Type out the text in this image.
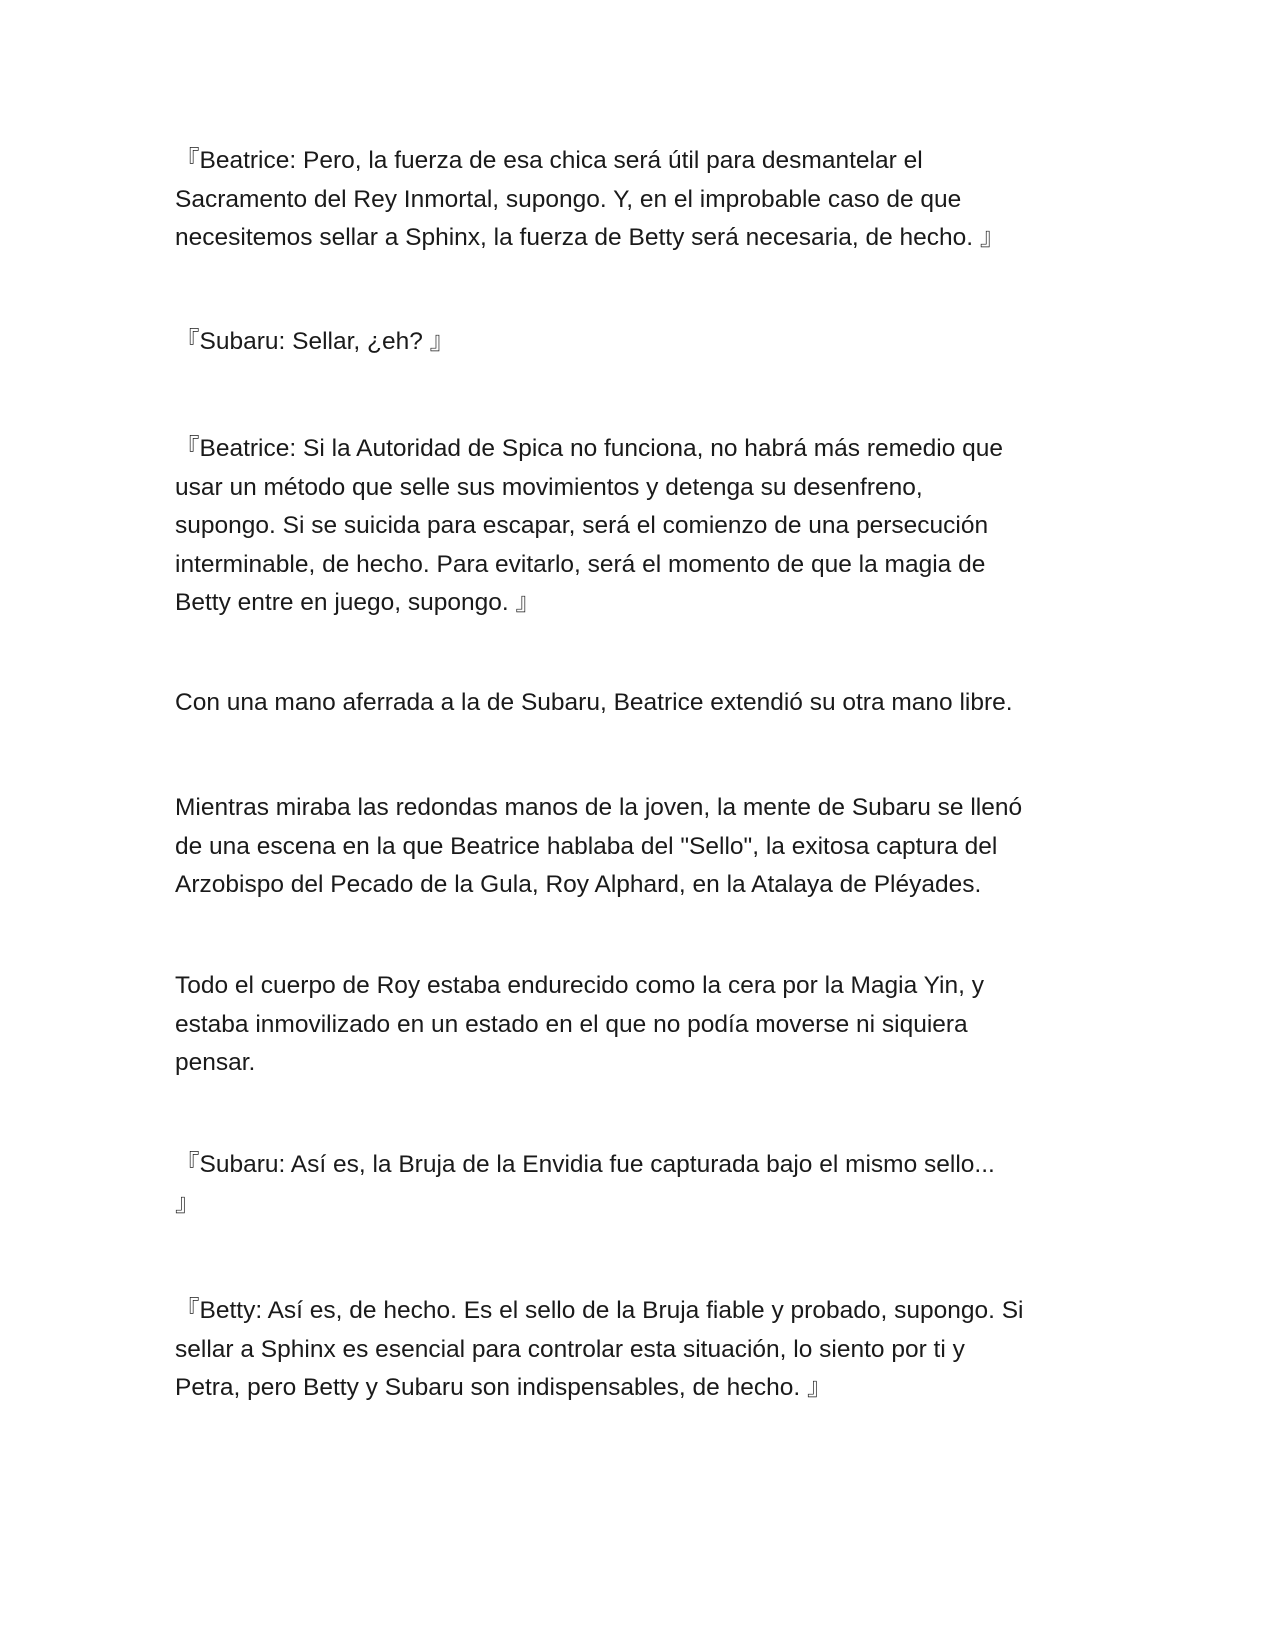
『Beatrice: Pero, la fuerza de esa chica será útil para desmantelar el
Sacramento del Rey Inmortal, supongo. Y, en el improbable caso de que
necesitemos sellar a Sphinx, la fuerza de Betty será necesaria, de hecho. 』
『Subaru: Sellar, ¿eh? 』
『Beatrice: Si la Autoridad de Spica no funciona, no habrá más remedio que
usar un método que selle sus movimientos y detenga su desenfreno,
supongo. Si se suicida para escapar, será el comienzo de una persecución
interminable, de hecho. Para evitarlo, será el momento de que la magia de
Betty entre en juego, supongo. 』
Con una mano aferrada a la de Subaru, Beatrice extendió su otra mano libre.
Mientras miraba las redondas manos de la joven, la mente de Subaru se llenó
de una escena en la que Beatrice hablaba del "Sello", la exitosa captura del
Arzobispo del Pecado de la Gula, Roy Alphard, en la Atalaya de Pléyades.
Todo el cuerpo de Roy estaba endurecido como la cera por la Magia Yin, y
estaba inmovilizado en un estado en el que no podía moverse ni siquiera
pensar.
『Subaru: Así es, la Bruja de la Envidia fue capturada bajo el mismo sello...
』
『Betty: Así es, de hecho. Es el sello de la Bruja fiable y probado, supongo. Si
sellar a Sphinx es esencial para controlar esta situación, lo siento por ti y
Petra, pero Betty y Subaru son indispensables, de hecho. 』
